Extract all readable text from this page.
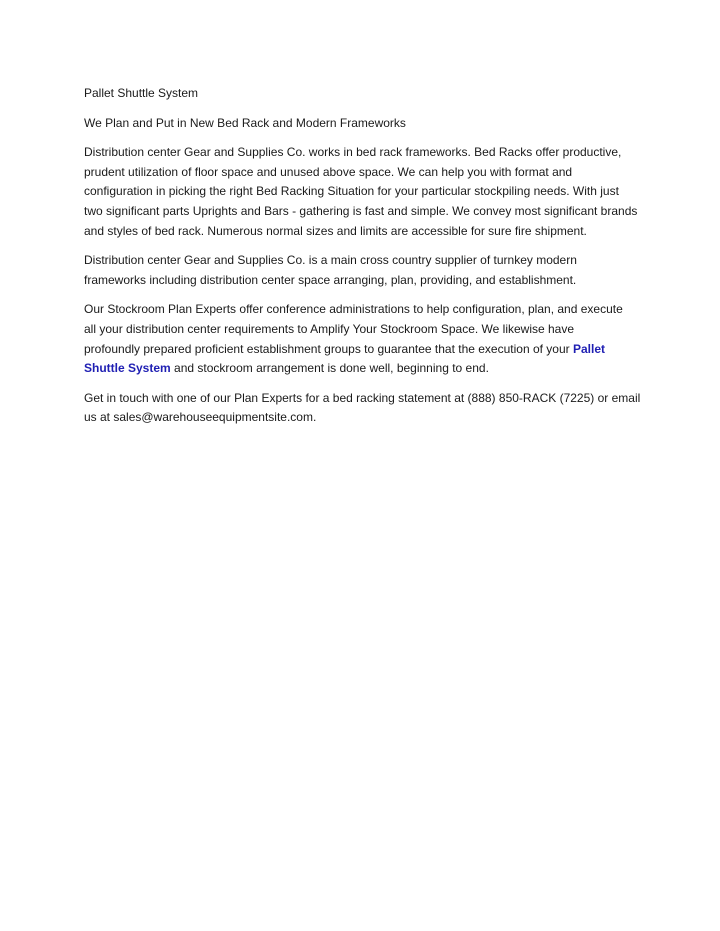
Pallet Shuttle System

We Plan and Put in New Bed Rack and Modern Frameworks

Distribution center Gear and Supplies Co. works in bed rack frameworks. Bed Racks offer productive,

prudent utilization of floor space and unused above space. We can help you with format and

configuration in picking the right Bed Racking Situation for your particular stockpiling needs. With just

two significant parts Uprights and Bars - gathering is fast and simple. We convey most significant brands

and styles of bed rack. Numerous normal sizes and limits are accessible for sure fire shipment.

Distribution center Gear and Supplies Co. is a main cross country supplier of turnkey modern

frameworks including distribution center space arranging, plan, providing, and establishment.

Our Stockroom Plan Experts offer conference administrations to help configuration, plan, and execute

all your distribution center requirements to Amplify Your Stockroom Space. We likewise have

profoundly prepared proficient establishment groups to guarantee that the execution of your Pallet

Shuttle System and stockroom arrangement is done well, beginning to end.

Get in touch with one of our Plan Experts for a bed racking statement at (888) 850-RACK (7225) or email

us at sales@warehouseequipmentsite.com.
